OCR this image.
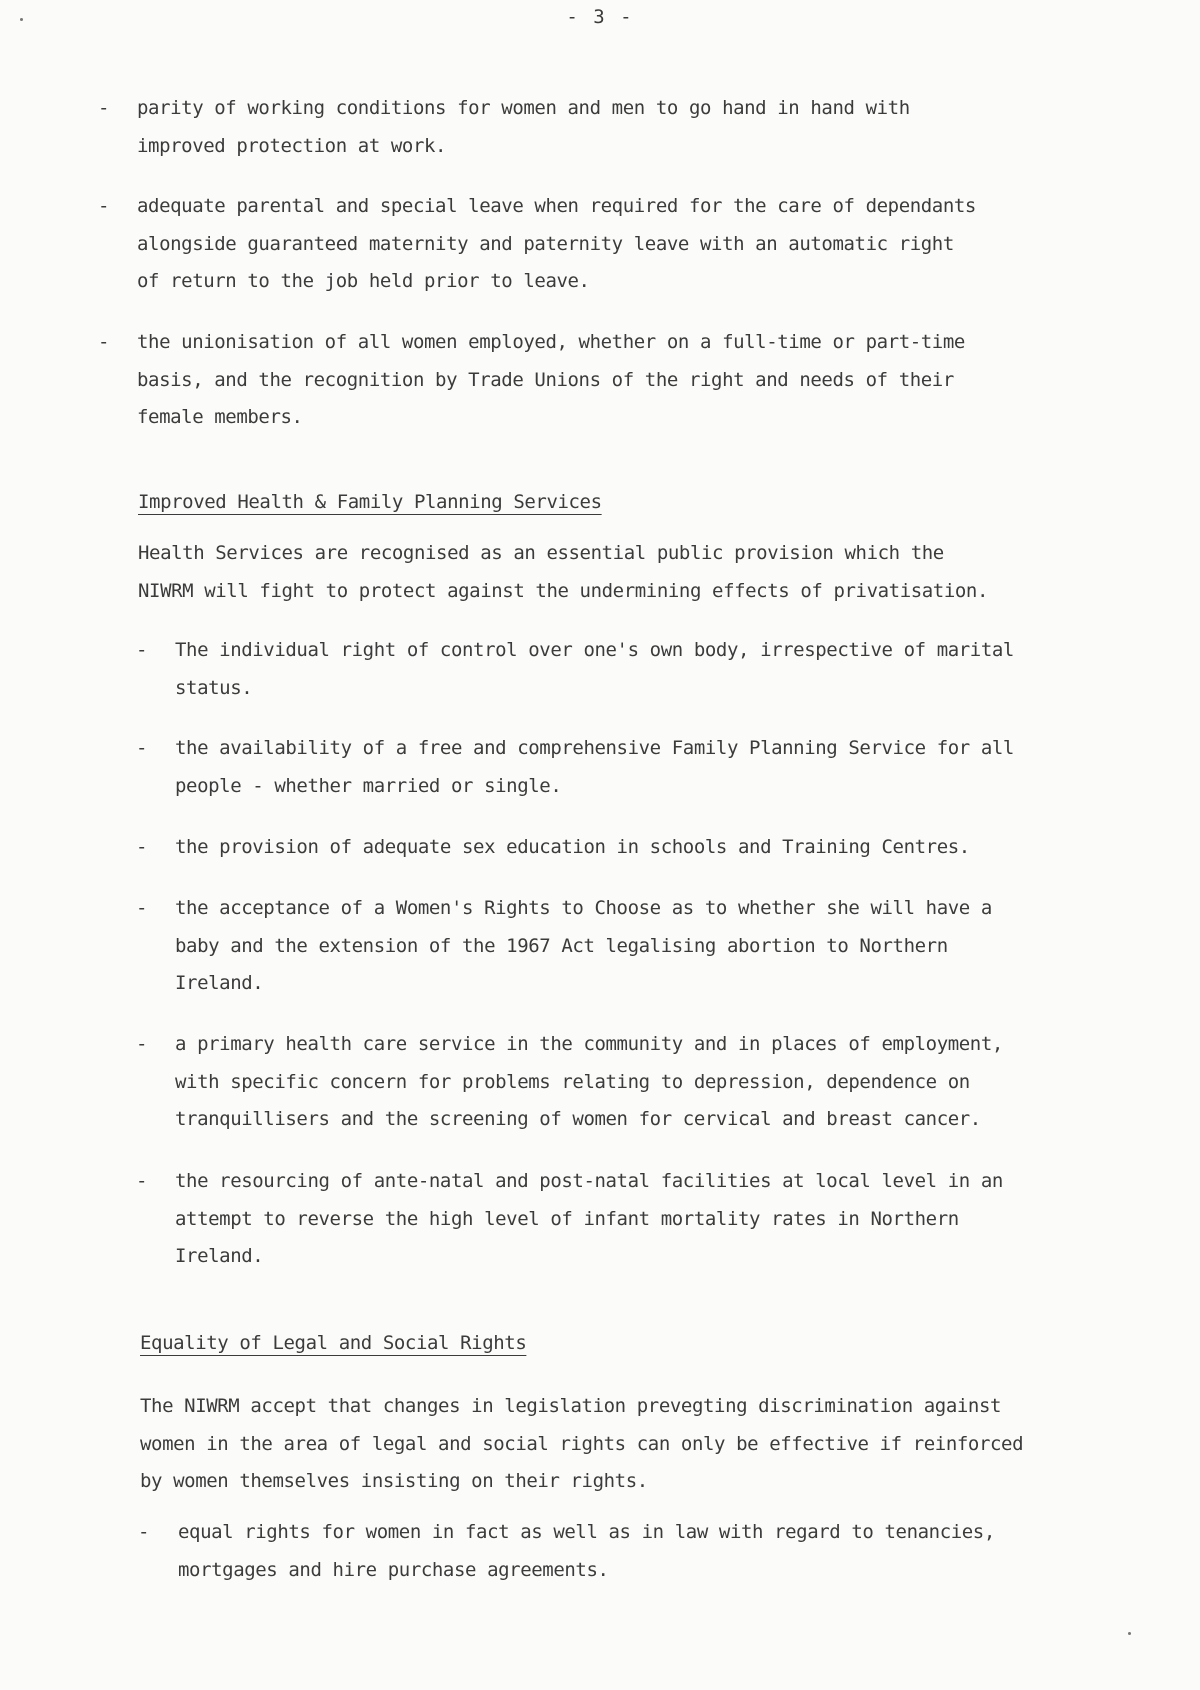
- 3 -
- parity of working conditions for women and men to go hand in hand with
improved protection at work.
- adequate parental and special leave when required for the care of dependants
alongside guaranteed maternity and paternity leave with an automatic right
of return to the job held prior to leave.
- the unionisation of all women employed, whether on a full-time or part-time
basis, and the recognition by Trade Unions of the right and needs of their
female members.
Improved Health & Family Planning Services
Health Services are recognised as an essential public provision which the
NIWRM will fight to protect against the undermining effects of privatisation.
- The individual right of control over one's own body, irrespective of marital
status.
- the availability of a free and comprehensive Family Planning Service for all
people - whether married or single.
- the provision of adequate sex education in schools and Training Centres.
- the acceptance of a Women's Rights to Choose as to whether she will have a
baby and the extension of the 1967 Act legalising abortion to Northern
Ireland.
- a primary health care service in the community and in places of employment,
with specific concern for problems relating to depression, dependence on
tranquillisers and the screening of women for cervical and breast cancer.
- the resourcing of ante-natal and post-natal facilities at local level in an
attempt to reverse the high level of infant mortality rates in Northern
Ireland.
Equality of Legal and Social Rights
The NIWRM accept that changes in legislation prevegting discrimination against
women in the area of legal and social rights can only be effective if reinforced
by women themselves insisting on their rights.
- equal rights for women in fact as well as in law with regard to tenancies,
mortgages and hire purchase agreements.
